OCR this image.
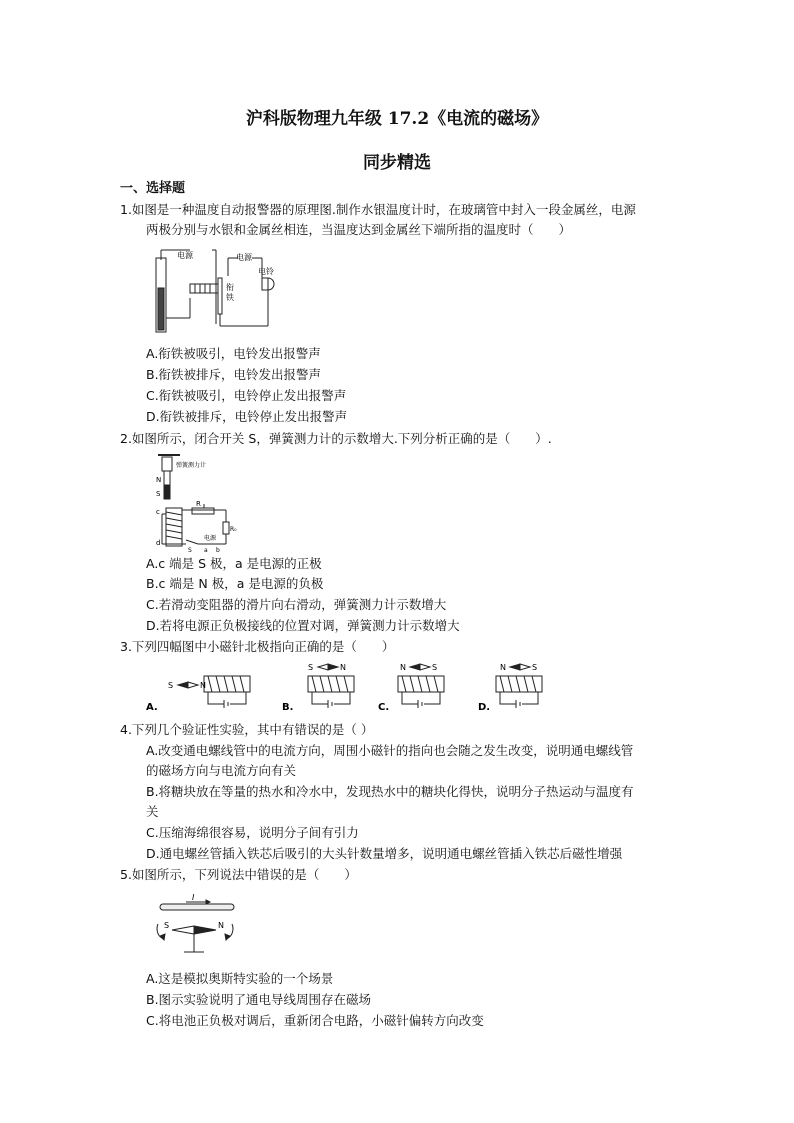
沪科版物理九年级 17.2《电流的磁场》
同步精选
一、选择题
1.如图是一种温度自动报警器的原理图.制作水银温度计时，在玻璃管中封入一段金属丝，电源
两极分别与水银和金属丝相连，当温度达到金属丝下端所指的温度时（　　）
电源	电源
电铃
衔
铁
A.衔铁被吸引，电铃发出报警声
B.衔铁被排斥，电铃发出报警声
C.衔铁被吸引，电铃停止发出报警声
D.衔铁被排斥，电铃停止发出报警声
2.如图所示，闭合开关 S，弹簧测力计的示数增大.下列分析正确的是（　　）.
弹簧测力计
N
S
c
R
R₀
d
电源
S a b
A.c 端是 S 极，a 是电源的正极
B.c 端是 N 极，a 是电源的负极
C.若滑动变阻器的滑片向右滑动，弹簧测力计示数增大
D.若将电源正负极接线的位置对调，弹簧测力计示数增大
3.下列四幅图中小磁针北极指向正确的是（　　）
A.	B.	C.	D.
S	N
S	N	N	S	N	S
4.下列几个验证性实验，其中有错误的是（ ）
A.改变通电螺线管中的电流方向，周围小磁针的指向也会随之发生改变，说明通电螺线管
的磁场方向与电流方向有关
B.将糖块放在等量的热水和冷水中，发现热水中的糖块化得快，说明分子热运动与温度有
关
C.压缩海绵很容易，说明分子间有引力
D.通电螺丝管插入铁芯后吸引的大头针数量增多，说明通电螺丝管插入铁芯后磁性增强
5.如图所示，下列说法中错误的是（　　）
I
S	N
A.这是模拟奥斯特实验的一个场景
B.图示实验说明了通电导线周围存在磁场
C.将电池正负极对调后，重新闭合电路，小磁针偏转方向改变
